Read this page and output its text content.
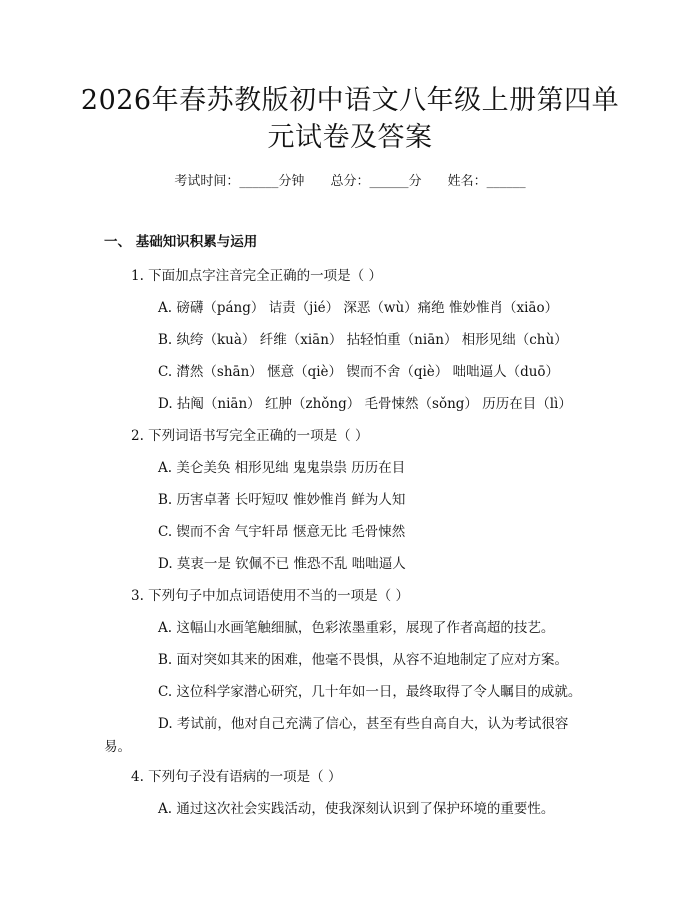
2026年春苏教版初中语文八年级上册第四单
元试卷及答案
考试时间：______分钟 总分：______分 姓名：______
一、 基础知识积累与运用
1. 下面加点字注音完全正确的一项是（ ）
A. 磅礴（páng） 诘责（jié） 深恶（wù）痛绝 惟妙惟肖（xiāo）
B. 纨绔（kuà） 纤维（xiān） 拈轻怕重（niān） 相形见绌（chù）
C. 潸然（shān） 惬意（qiè） 锲而不舍（qiè） 咄咄逼人（duō）
D. 拈阄（niān） 红肿（zhǒng） 毛骨悚然（sǒng） 历历在目（lì）
2. 下列词语书写完全正确的一项是（ ）
A. 美仑美奂 相形见绌 鬼鬼祟祟 历历在目
B. 历害卓著 长吁短叹 惟妙惟肖 鲜为人知
C. 锲而不舍 气宇轩昂 惬意无比 毛骨悚然
D. 莫衷一是 钦佩不已 惟恐不乱 咄咄逼人
3. 下列句子中加点词语使用不当的一项是（ ）
A. 这幅山水画笔触细腻，色彩浓墨重彩，展现了作者高超的技艺。
B. 面对突如其来的困难，他毫不畏惧，从容不迫地制定了应对方案。
C. 这位科学家潜心研究，几十年如一日，最终取得了令人瞩目的成就。
D. 考试前，他对自己充满了信心，甚至有些自高自大，认为考试很容
易。
4. 下列句子没有语病的一项是（ ）
A. 通过这次社会实践活动，使我深刻认识到了保护环境的重要性。
